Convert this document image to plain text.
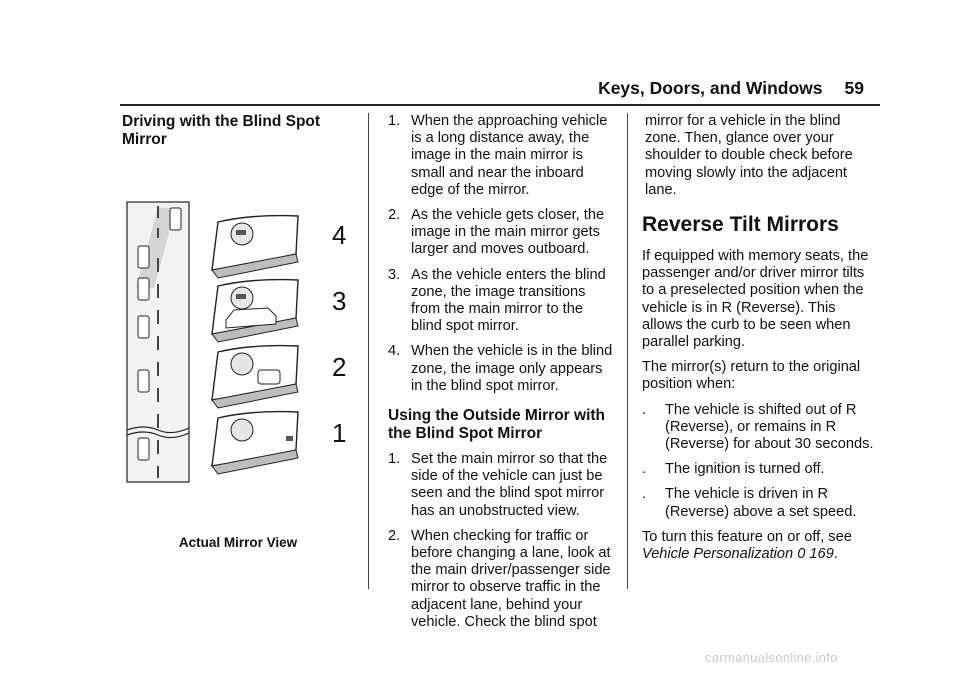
Keys, Doors, and Windows 59
Driving with the Blind Spot Mirror
4
3
2
1
Actual Mirror View
1. When the approaching vehicle is a long distance away, the image in the main mirror is small and near the inboard edge of the mirror.
2. As the vehicle gets closer, the image in the main mirror gets larger and moves outboard.
3. As the vehicle enters the blind zone, the image transitions from the main mirror to the blind spot mirror.
4. When the vehicle is in the blind zone, the image only appears in the blind spot mirror.
Using the Outside Mirror with the Blind Spot Mirror
1. Set the main mirror so that the side of the vehicle can just be seen and the blind spot mirror has an unobstructed view.
2. When checking for traffic or before changing a lane, look at the main driver/passenger side mirror to observe traffic in the adjacent lane, behind your vehicle. Check the blind spot

mirror for a vehicle in the blind zone. Then, glance over your shoulder to double check before moving slowly into the adjacent lane.

Reverse Tilt Mirrors

If equipped with memory seats, the passenger and/or driver mirror tilts to a preselected position when the vehicle is in R (Reverse). This allows the curb to be seen when parallel parking.

The mirror(s) return to the original position when:

. The vehicle is shifted out of R (Reverse), or remains in R (Reverse) for about 30 seconds.
. The ignition is turned off.
. The vehicle is driven in R (Reverse) above a set speed.

To turn this feature on or off, see
Vehicle Personalization 0 169.

carmanualsonline.info
